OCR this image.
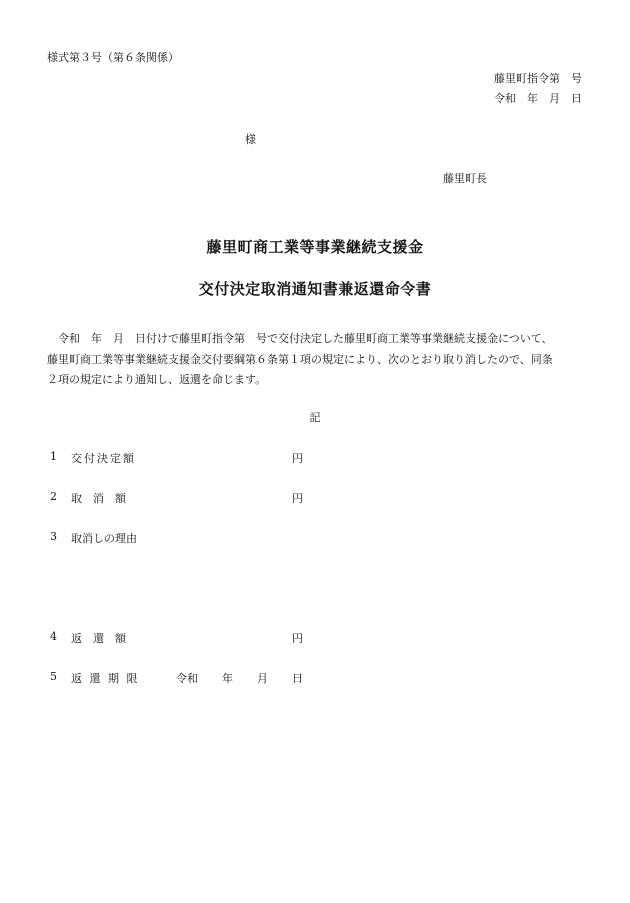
様式第３号（第６条関係）
藤里町指令第　号
令和　年　月　日
様
藤里町長
藤里町商工業等事業継続支援金
交付決定取消通知書兼返還命令書
令和　年　月　日付けで藤里町指令第　号で交付決定した藤里町商工業等事業継続支援金について、
藤里町商工業等事業継続支援金交付要綱第６条第１項の規定により、次のとおり取り消したので、同条
２項の規定により通知し、返還を命じます。
記
1 交付決定額	円
2 取　消　額	円
3 取消しの理由
4 返　還　額	円
5 返 還 期 限	令和 年 月 日
